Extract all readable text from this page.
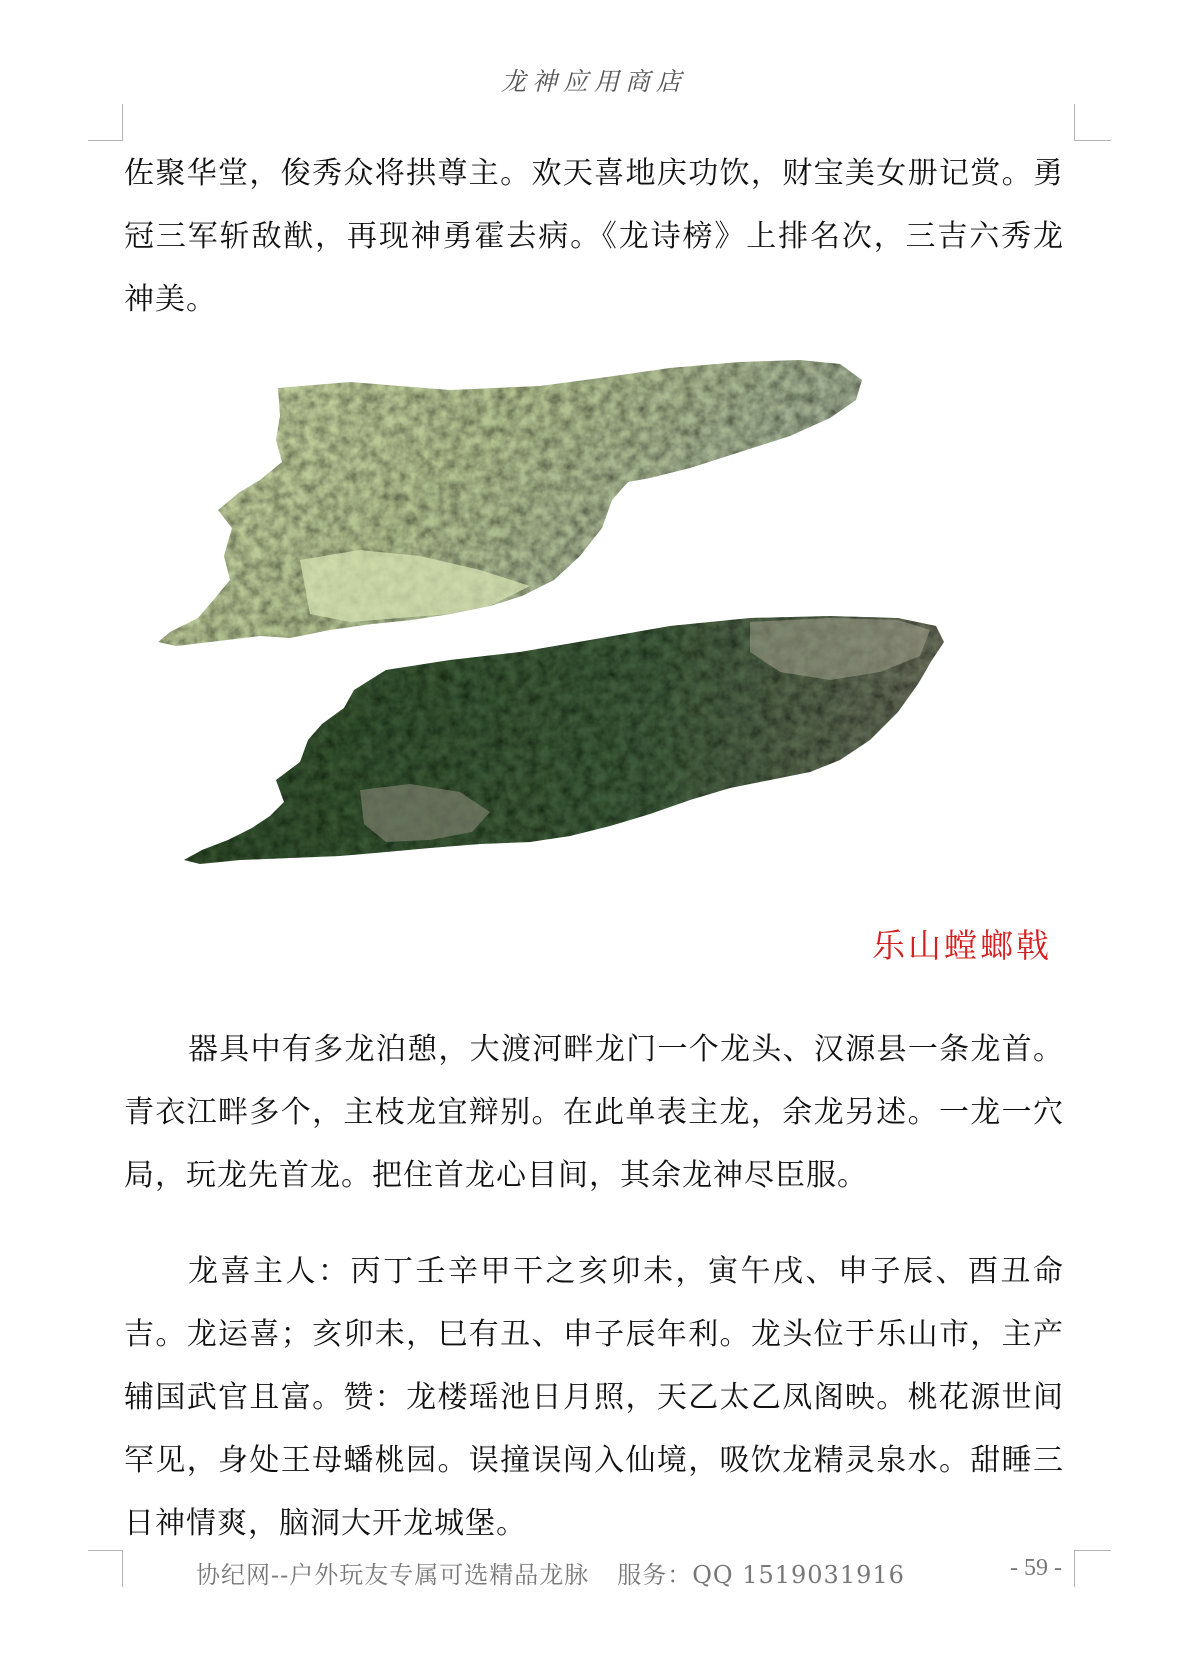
龙神应用商店

佐聚华堂，俊秀众将拱尊主。欢天喜地庆功饮，财宝美女册记赏。勇冠三军斩敌猷，再现神勇霍去病。《龙诗榜》上排名次，三吉六秀龙神美。

乐山螳螂戟

器具中有多龙泊憩，大渡河畔龙门一个龙头、汉源县一条龙首。青衣江畔多个，主枝龙宜辩别。在此单表主龙，余龙另述。一龙一穴局，玩龙先首龙。把住首龙心目间，其余龙神尽臣服。

龙喜主人：丙丁壬辛甲干之亥卯未，寅午戌、申子辰、酉丑命吉。龙运喜；亥卯未，巳有丑、申子辰年利。龙头位于乐山市，主产辅国武官且富。赞：龙楼瑶池日月照，天乙太乙凤阁映。桃花源世间罕见，身处王母蟠桃园。误撞误闯入仙境，吸饮龙精灵泉水。甜睡三日神情爽，脑洞大开龙城堡。

协纪网--户外玩友专属可选精品龙脉 服务：QQ 1519031916	- 59 -
